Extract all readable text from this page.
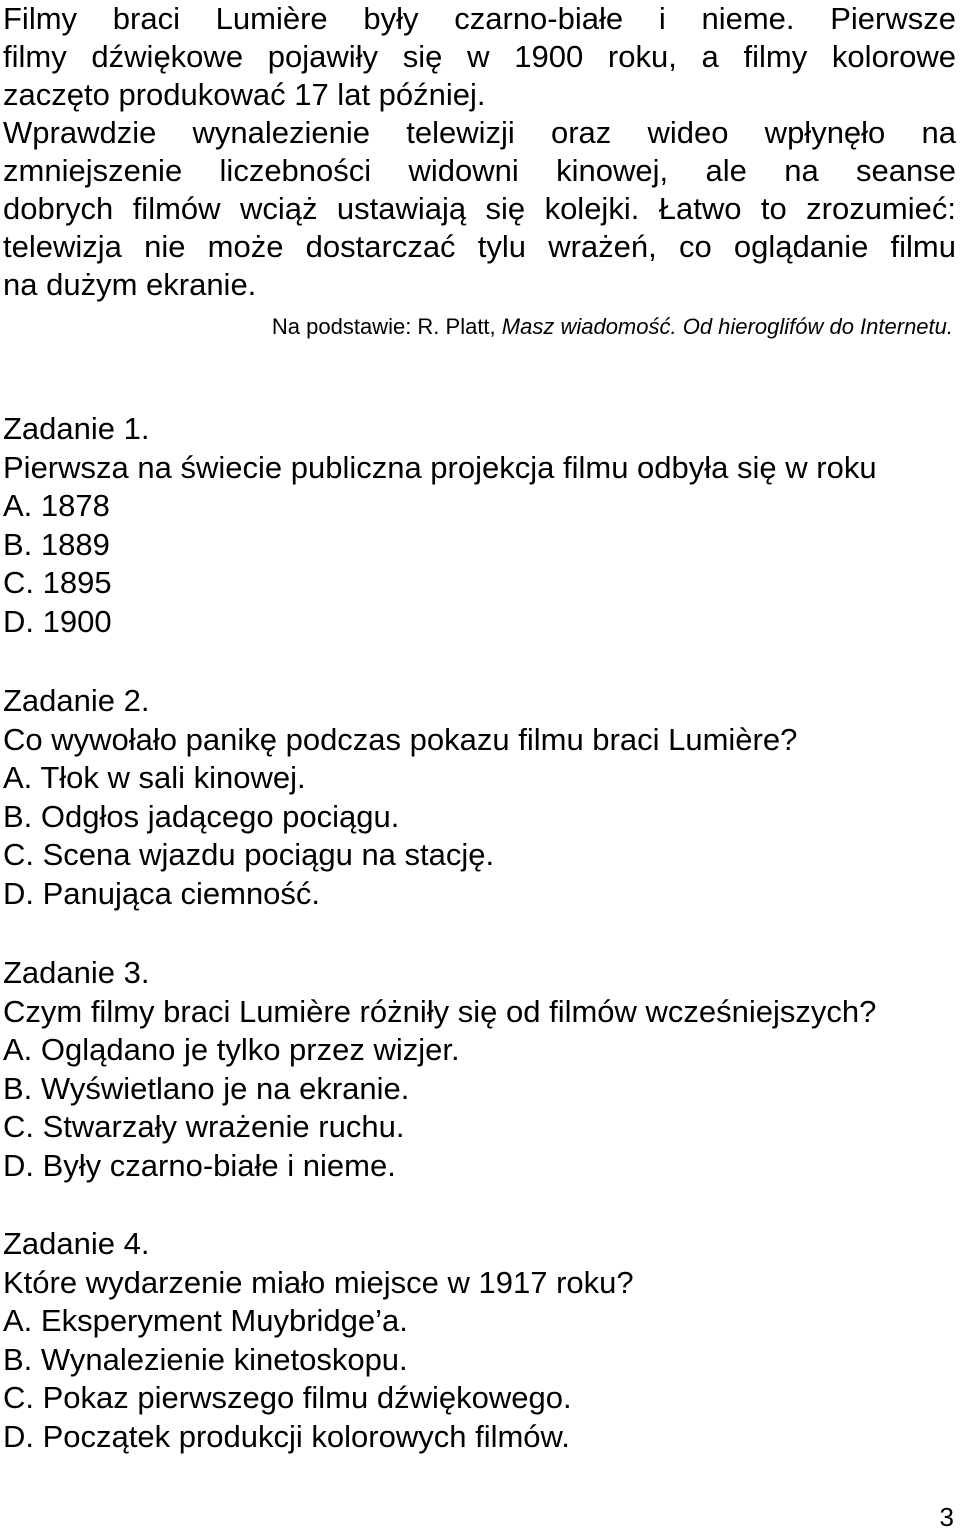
Filmy braci Lumière były czarno-białe i nieme. Pierwsze
filmy dźwiękowe pojawiły się w 1900 roku, a filmy kolorowe
zaczęto produkować 17 lat później.
Wprawdzie wynalezienie telewizji oraz wideo wpłynęło na
zmniejszenie liczebności widowni kinowej, ale na seanse
dobrych filmów wciąż ustawiają się kolejki. Łatwo to zrozumieć:
telewizja nie może dostarczać tylu wrażeń, co oglądanie filmu
na dużym ekranie.
Na podstawie: R. Platt, Masz wiadomość. Od hieroglifów do Internetu.
Zadanie 1.
Pierwsza na świecie publiczna projekcja filmu odbyła się w roku
A. 1878
B. 1889
C. 1895
D. 1900
Zadanie 2.
Co wywołało panikę podczas pokazu filmu braci Lumière?
A. Tłok w sali kinowej.
B. Odgłos jadącego pociągu.
C. Scena wjazdu pociągu na stację.
D. Panująca ciemność.
Zadanie 3.
Czym filmy braci Lumière różniły się od filmów wcześniejszych?
A. Oglądano je tylko przez wizjer.
B. Wyświetlano je na ekranie.
C. Stwarzały wrażenie ruchu.
D. Były czarno-białe i nieme.
Zadanie 4.
Które wydarzenie miało miejsce w 1917 roku?
A. Eksperyment Muybridge’a.
B. Wynalezienie kinetoskopu.
C. Pokaz pierwszego filmu dźwiękowego.
D. Początek produkcji kolorowych filmów.
3
